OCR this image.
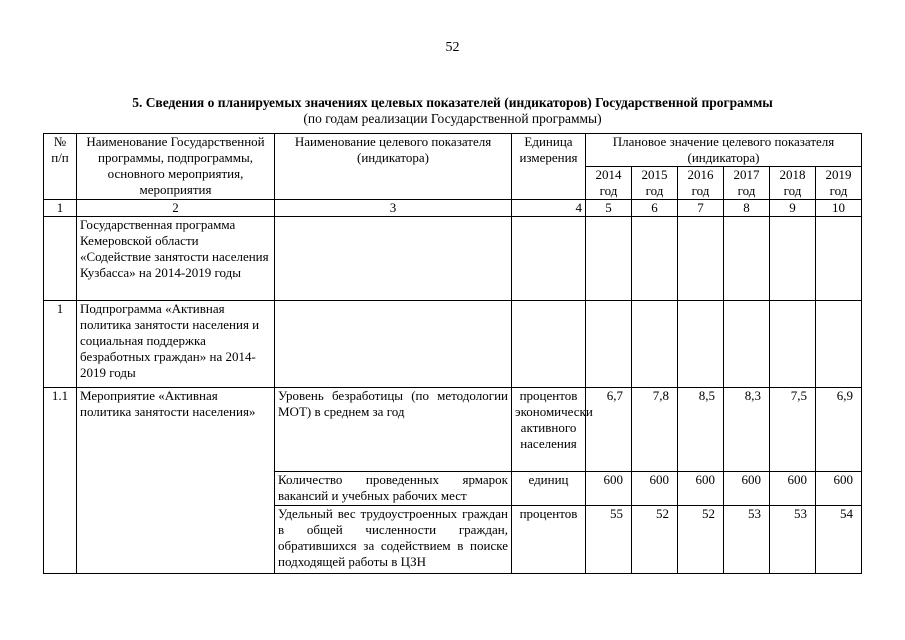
52
5. Сведения о планируемых значениях целевых показателей (индикаторов) Государственной программы
(по годам реализации Государственной программы)
№ п/п	Наименование Государственной программы, подпрограммы, основного мероприятия, мероприятия	Наименование целевого показателя (индикатора)	Единица измерения	Плановое значение целевого показателя (индикатора)					
				2014 год	2015 год	2016 год	2017 год	2018 год	2019 год
1	2	3	4	5	6	7	8	9	10
	Государственная программа Кемеровской области «Содействие занятости населения Кузбасса» на 2014-2019 годы								
1	Подпрограмма «Активная политика занятости населения и социальная поддержка безработных граждан» на 2014-2019 годы								
1.1	Мероприятие «Активная политика занятости населения»	Уровень безработицы (по методологии МОТ) в среднем за год	процентов экономически активного населения	6,7	7,8	8,5	8,3	7,5	6,9
		Количество проведенных ярмарок вакансий и учебных рабочих мест	единиц	600	600	600	600	600	600
		Удельный вес трудоустроенных граждан в общей численности граждан, обратившихся за содействием в поиске подходящей работы в ЦЗН	процентов	55	52	52	53	53	54
